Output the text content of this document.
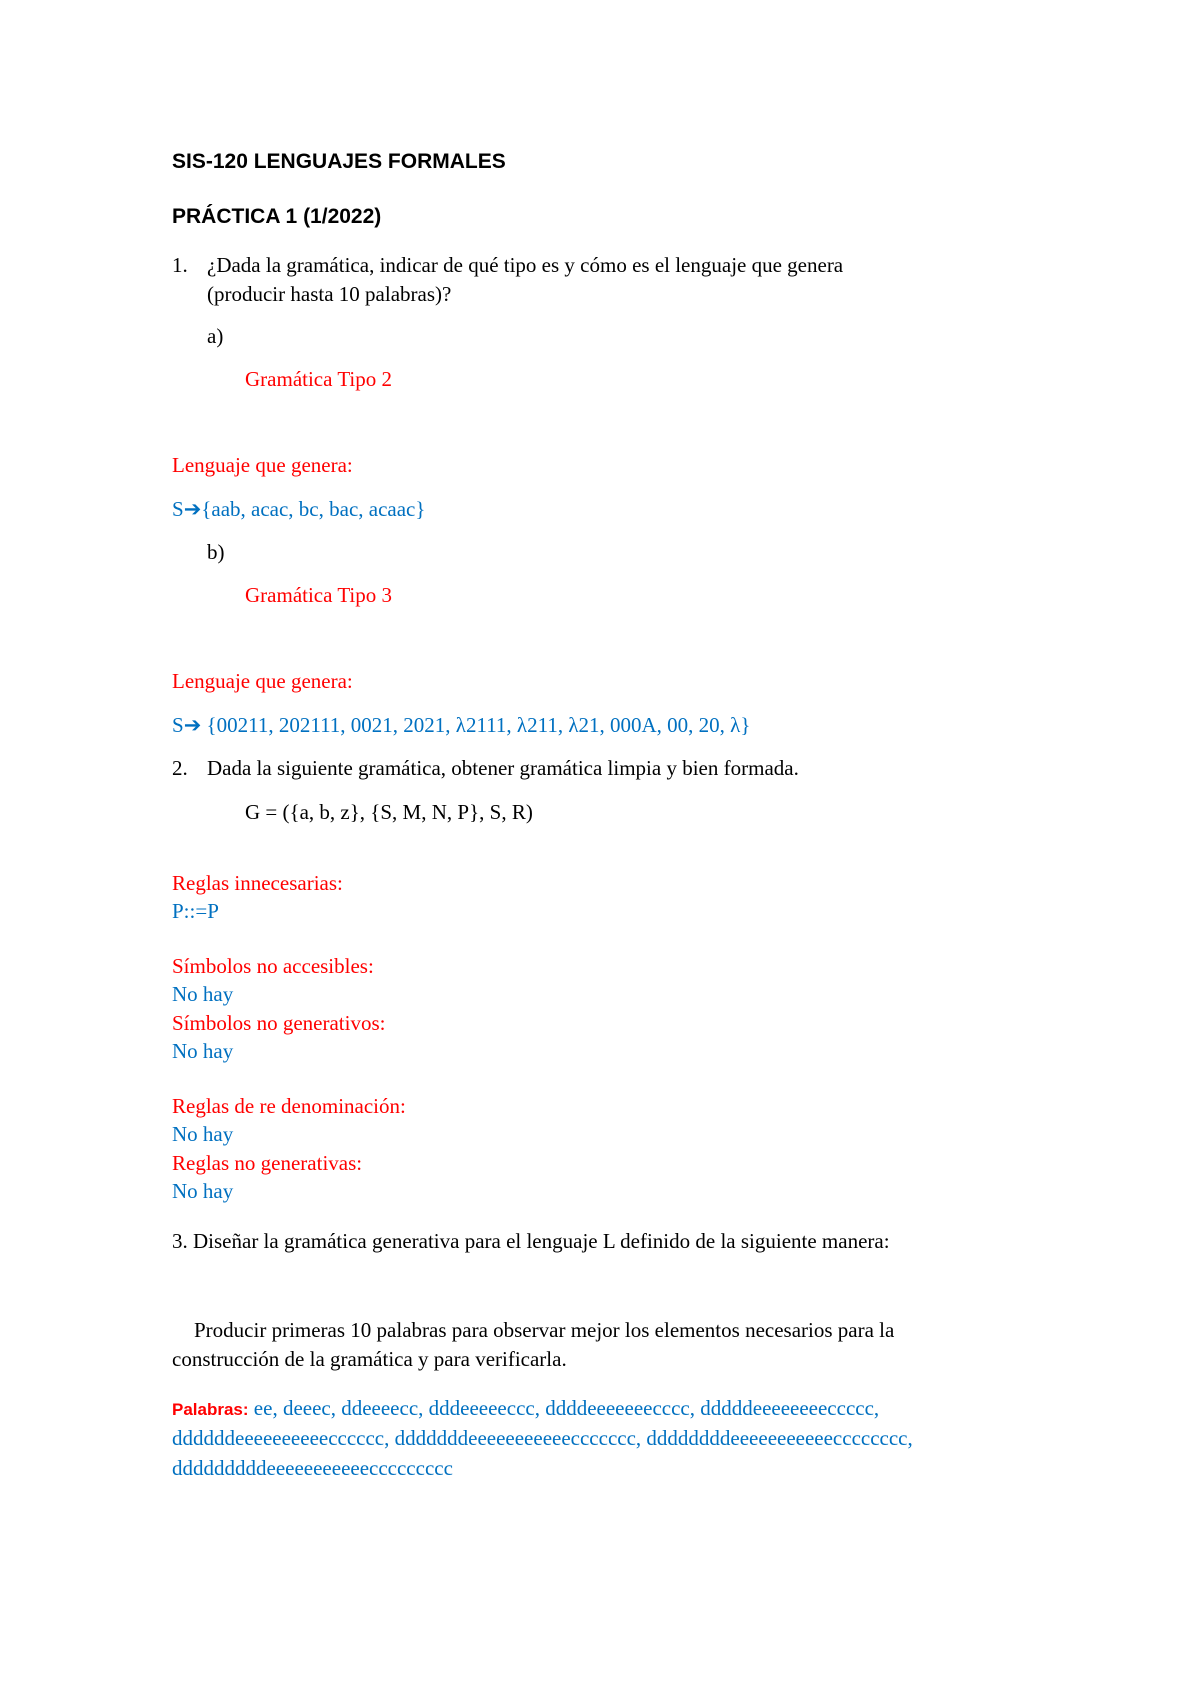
SIS-120 LENGUAJES FORMALES
PRÁCTICA 1 (1/2022)
1. ¿Dada la gramática, indicar de qué tipo es y cómo es el lenguaje que genera
(producir hasta 10 palabras)?
a)
Gramática Tipo 2
Lenguaje que genera:
S➔{aab, acac, bc, bac, acaac}
b)
Gramática Tipo 3
Lenguaje que genera:
S➔ {00211, 202111, 0021, 2021, λ2111, λ211, λ21, 000A, 00, 20, λ}
2. Dada la siguiente gramática, obtener gramática limpia y bien formada.
G = ({a, b, z}, {S, M, N, P}, S, R)
Reglas innecesarias:
P::=P
Símbolos no accesibles:
No hay
Símbolos no generativos:
No hay
Reglas de re denominación:
No hay
Reglas no generativas:
No hay
3. Diseñar la gramática generativa para el lenguaje L definido de la siguiente manera:
Producir primeras 10 palabras para observar mejor los elementos necesarios para la
construcción de la gramática y para verificarla.
Palabras: ee, deeec, ddeeeecc, dddeeeeeccc, ddddeeeeeeecccc, dddddeeeeeeeeccccc,
ddddddeeeeeeeeeecccccc, dddddddeeeeeeeeeeeccccccc, ddddddddeeeeeeeeeeecccccccc,
dddddddddeeeeeeeeeeeccccccccc
